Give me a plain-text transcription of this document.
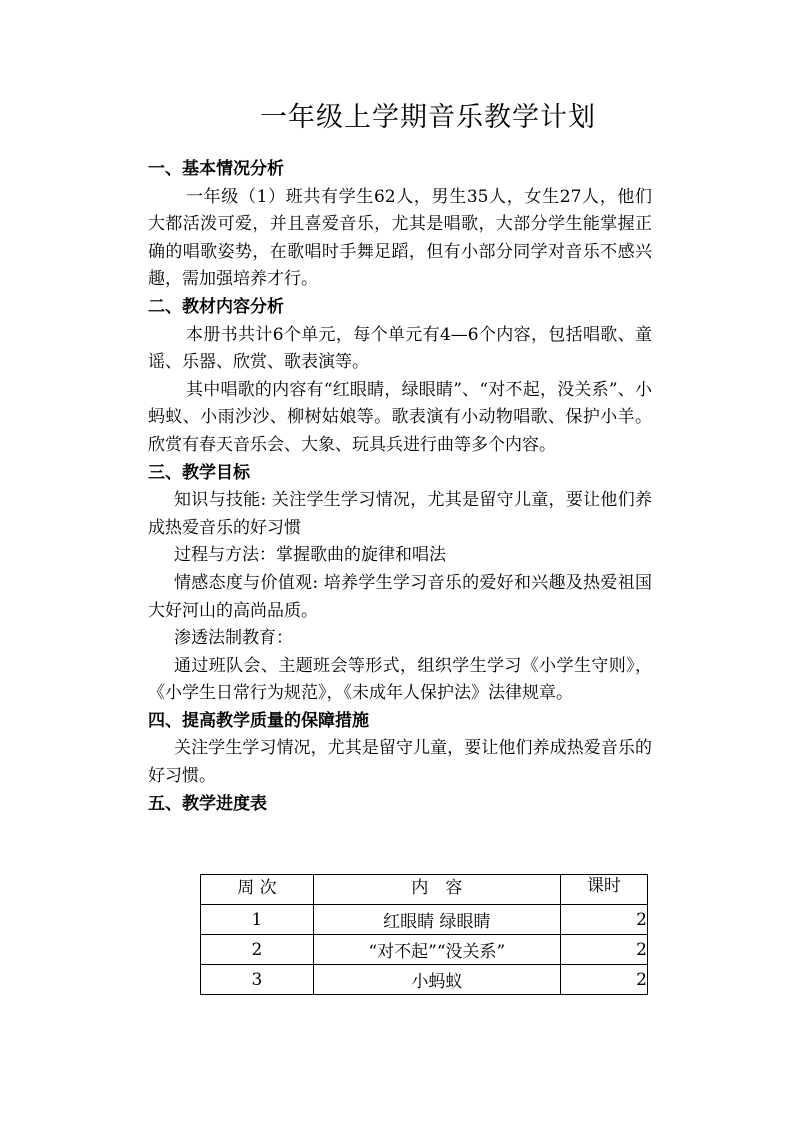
一年级上学期音乐教学计划
一、基本情况分析
一年级（1）班共有学生62人，男生35人，女生27人，他们大都活泼可爱，并且喜爱音乐，尤其是唱歌，大部分学生能掌握正确的唱歌姿势，在歌唱时手舞足蹈，但有小部分同学对音乐不感兴趣，需加强培养才行。
二、教材内容分析
本册书共计6个单元，每个单元有4—6个内容，包括唱歌、童谣、乐器、欣赏、歌表演等。
其中唱歌的内容有“红眼睛，绿眼睛”、“对不起，没关系”、小蚂蚁、小雨沙沙、柳树姑娘等。歌表演有小动物唱歌、保护小羊。欣赏有春天音乐会、大象、玩具兵进行曲等多个内容。
三、教学目标
知识与技能: 关注学生学习情况，尤其是留守儿童，要让他们养成热爱音乐的好习惯
过程与方法：掌握歌曲的旋律和唱法
情感态度与价值观: 培养学生学习音乐的爱好和兴趣及热爱祖国大好河山的高尚品质。
渗透法制教育：
通过班队会、主题班会等形式，组织学生学习《小学生守则》，《小学生日常行为规范》，《未成年人保护法》法律规章。
四、提高教学质量的保障措施
关注学生学习情况，尤其是留守儿童，要让他们养成热爱音乐的好习惯。
五、教学进度表
周 次	内　容	课时
1	红眼睛 绿眼睛	2
2	“对不起”“没关系”	2
3	小蚂蚁	2
